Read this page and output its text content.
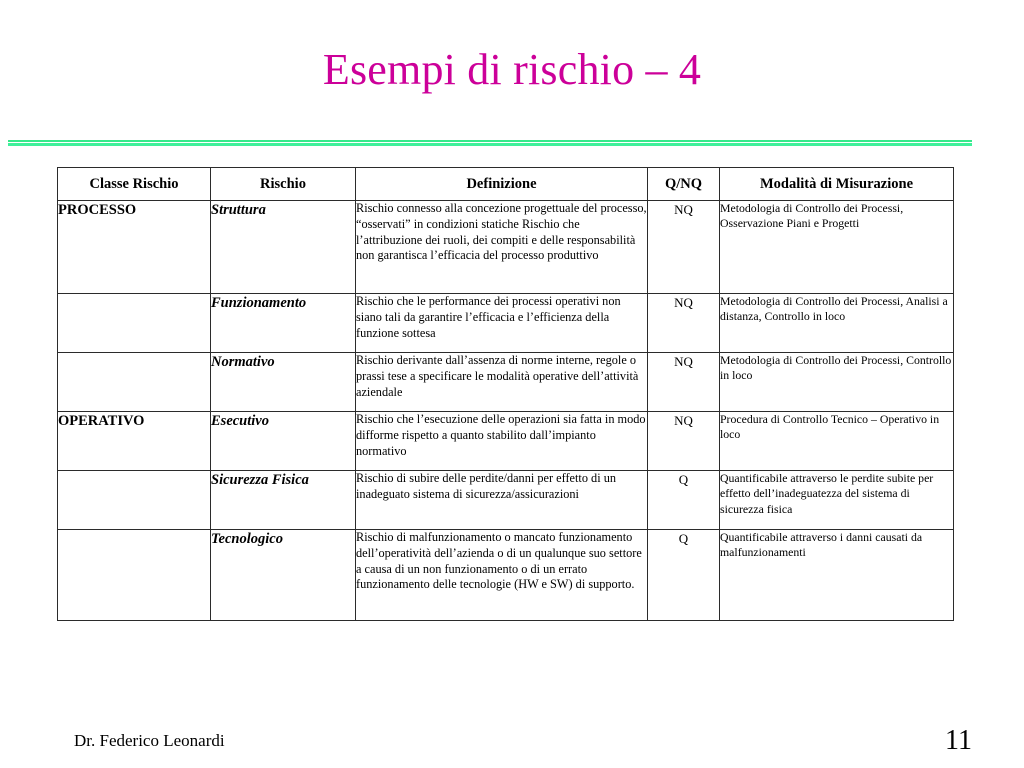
Esempi di rischio – 4
Classe Rischio	Rischio	Definizione	Q/NQ	Modalità di Misurazione
PROCESSO	Struttura	Rischio connesso alla concezione progettuale del processo, “osservati” in condizioni statiche Rischio che l’attribuzione dei ruoli, dei compiti e delle responsabilità non garantisca l’efficacia del processo produttivo	NQ	Metodologia di Controllo dei Processi, Osservazione Piani e Progetti
	Funzionamento	Rischio che le performance dei processi operativi non siano tali da garantire l’efficacia e l’efficienza della funzione sottesa	NQ	Metodologia di Controllo dei Processi, Analisi a distanza, Controllo in loco
	Normativo	Rischio derivante dall’assenza di norme interne, regole o prassi tese a specificare le modalità operative dell’attività aziendale	NQ	Metodologia di Controllo dei Processi, Controllo in loco
OPERATIVO	Esecutivo	Rischio che l’esecuzione delle operazioni sia fatta in modo difforme rispetto a quanto stabilito dall’impianto normativo	NQ	Procedura di Controllo Tecnico – Operativo in loco
	Sicurezza Fisica	Rischio di subire delle perdite/danni per effetto di un inadeguato sistema di sicurezza/assicurazioni	Q	Quantificabile attraverso le perdite subite per effetto dell’inadeguatezza del sistema di sicurezza fisica
	Tecnologico	Rischio di malfunzionamento o mancato funzionamento dell’operatività dell’azienda o di un qualunque suo settore a causa di un non funzionamento o di un errato funzionamento delle tecnologie (HW e SW) di supporto.	Q	Quantificabile attraverso i danni causati da malfunzionamenti
Dr. Federico Leonardi	11
